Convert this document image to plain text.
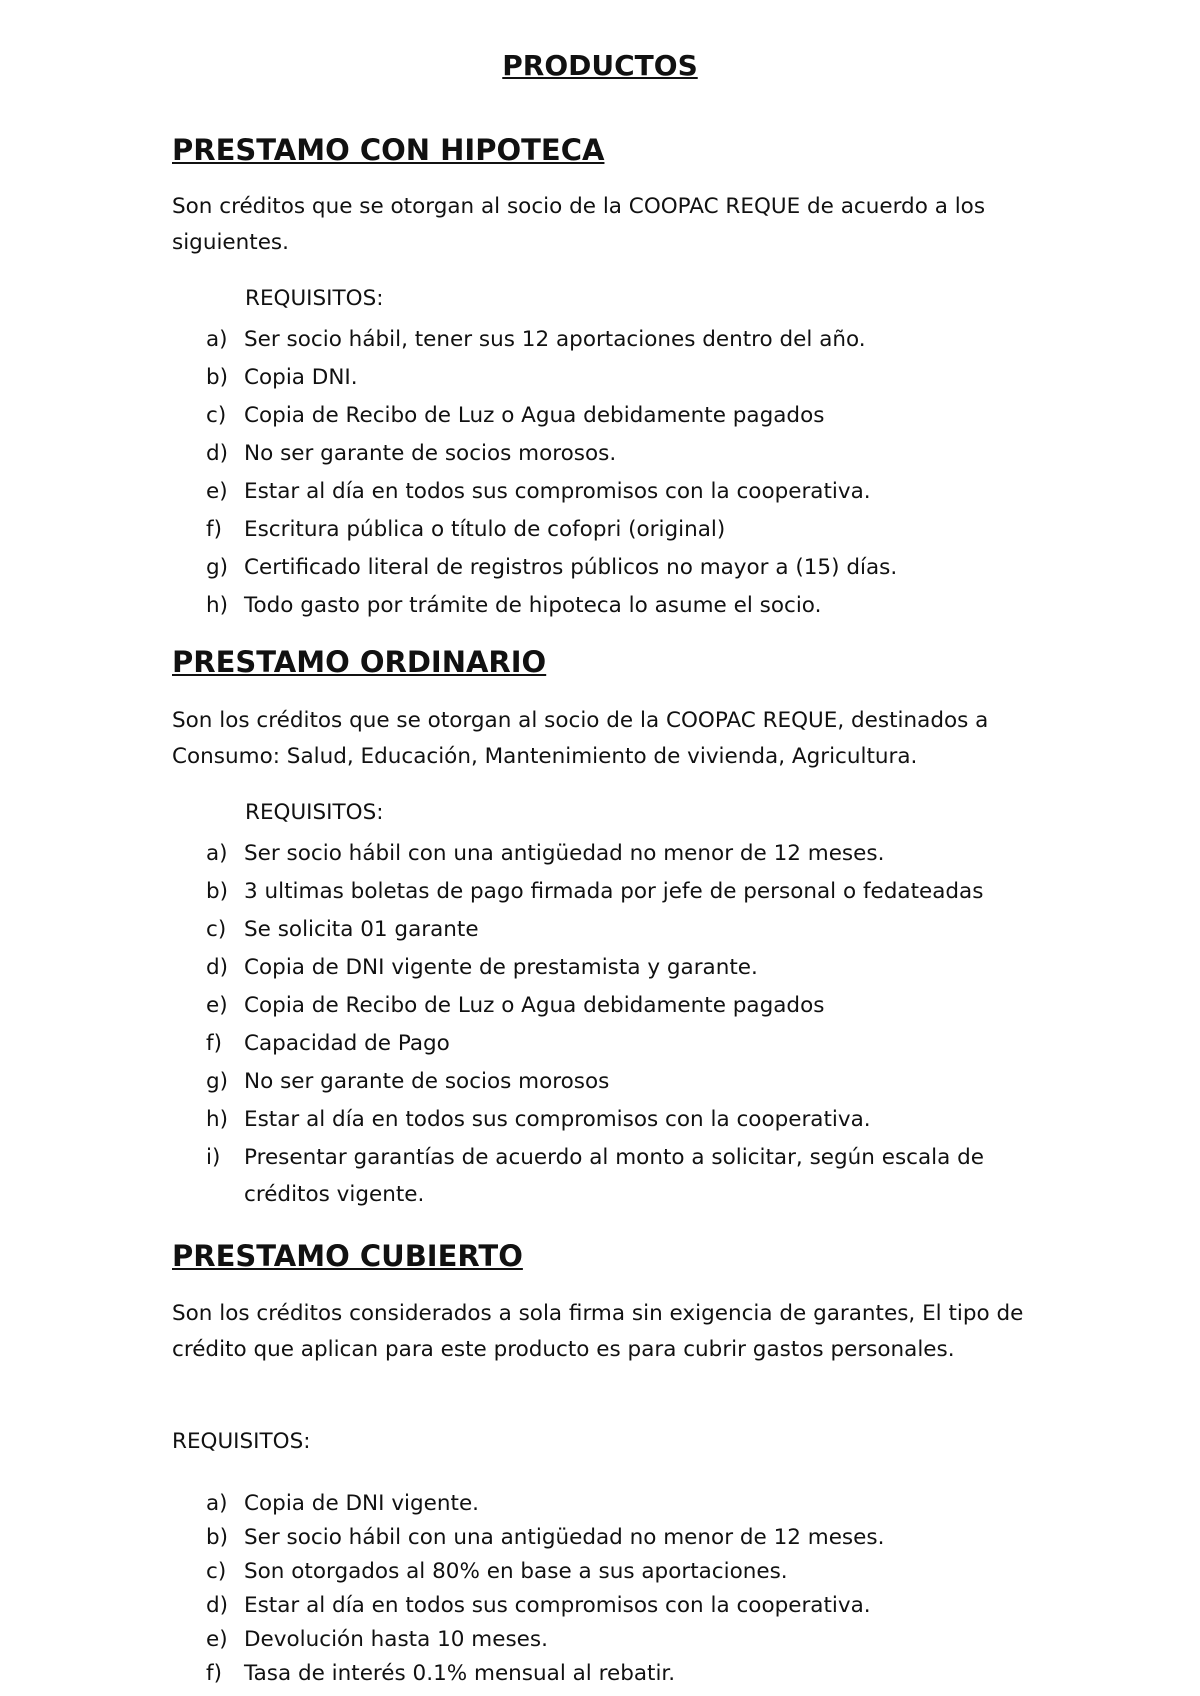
PRODUCTOS
PRESTAMO CON HIPOTECA
Son créditos que se otorgan al socio de la COOPAC REQUE de acuerdo a los siguientes.
REQUISITOS:
a) Ser socio hábil, tener sus 12 aportaciones dentro del año.
b) Copia DNI.
c) Copia de Recibo de Luz o Agua debidamente pagados
d) No ser garante de socios morosos.
e) Estar al día en todos sus compromisos con la cooperativa.
f) Escritura pública o título de cofopri (original)
g) Certificado literal de registros públicos no mayor a (15) días.
h) Todo gasto por trámite de hipoteca lo asume el socio.
PRESTAMO ORDINARIO
Son los créditos que se otorgan al socio de la COOPAC REQUE, destinados a Consumo: Salud, Educación, Mantenimiento de vivienda, Agricultura.
REQUISITOS:
a) Ser socio hábil con una antigüedad no menor de 12 meses.
b) 3 ultimas boletas de pago firmada por jefe de personal o fedateadas
c) Se solicita 01 garante
d) Copia de DNI vigente de prestamista y garante.
e) Copia de Recibo de Luz o Agua debidamente pagados
f) Capacidad de Pago
g) No ser garante de socios morosos
h) Estar al día en todos sus compromisos con la cooperativa.
i) Presentar garantías de acuerdo al monto a solicitar, según escala de créditos vigente.
PRESTAMO CUBIERTO
Son los créditos considerados a sola firma sin exigencia de garantes, El tipo de crédito que aplican para este producto es para cubrir gastos personales.
REQUISITOS:
a) Copia de DNI vigente.
b) Ser socio hábil con una antigüedad no menor de 12 meses.
c) Son otorgados al 80% en base a sus aportaciones.
d) Estar al día en todos sus compromisos con la cooperativa.
e) Devolución hasta 10 meses.
f) Tasa de interés 0.1% mensual al rebatir.
